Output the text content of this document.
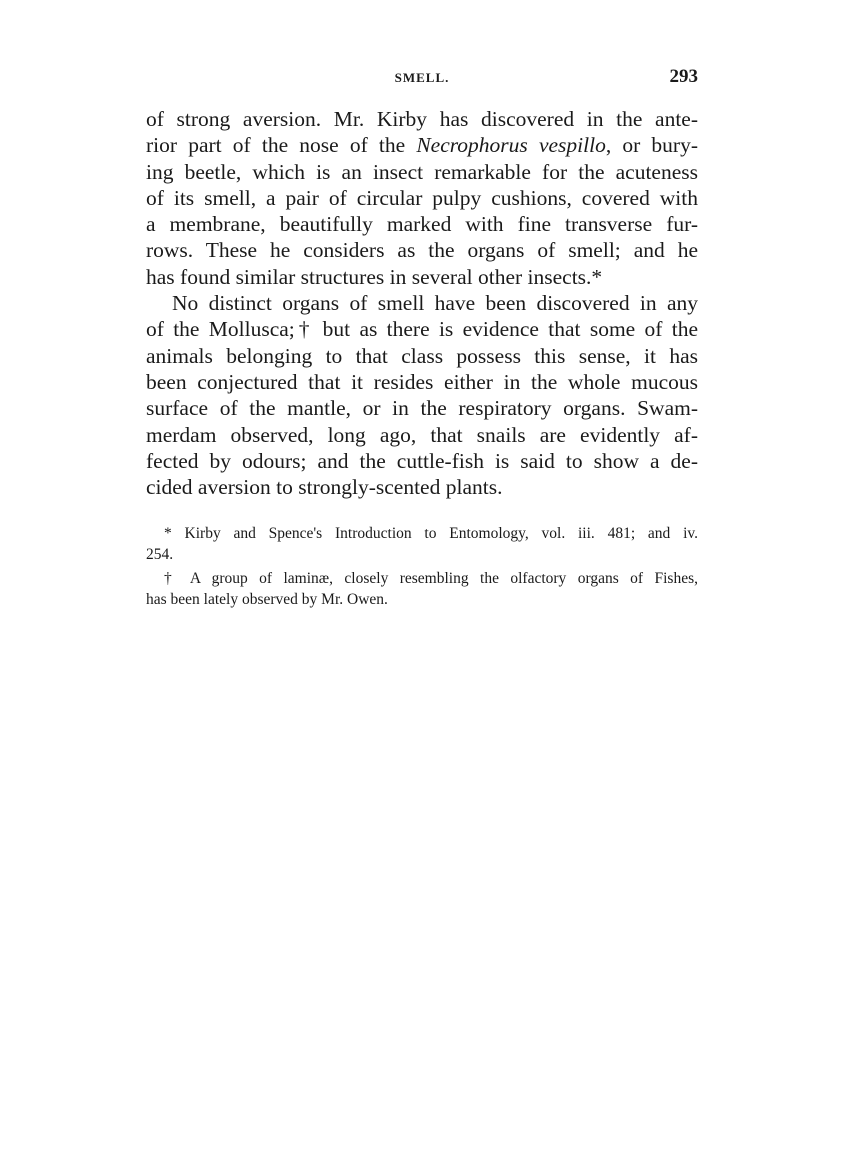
SMELL.	293
of strong aversion. Mr. Kirby has discovered in the ante-
rior part of the nose of the Necrophorus vespillo, or bury-
ing beetle, which is an insect remarkable for the acuteness
of its smell, a pair of circular pulpy cushions, covered with
a membrane, beautifully marked with fine transverse fur-
rows. These he considers as the organs of smell; and he
has found similar structures in several other insects.*
No distinct organs of smell have been discovered in any
of the Mollusca;† but as there is evidence that some of the
animals belonging to that class possess this sense, it has
been conjectured that it resides either in the whole mucous
surface of the mantle, or in the respiratory organs. Swam-
merdam observed, long ago, that snails are evidently af-
fected by odours; and the cuttle-fish is said to show a de-
cided aversion to strongly-scented plants.
* Kirby and Spence's Introduction to Entomology, vol. iii. 481; and iv.
254.
† A group of laminæ, closely resembling the olfactory organs of Fishes,
has been lately observed by Mr. Owen.
